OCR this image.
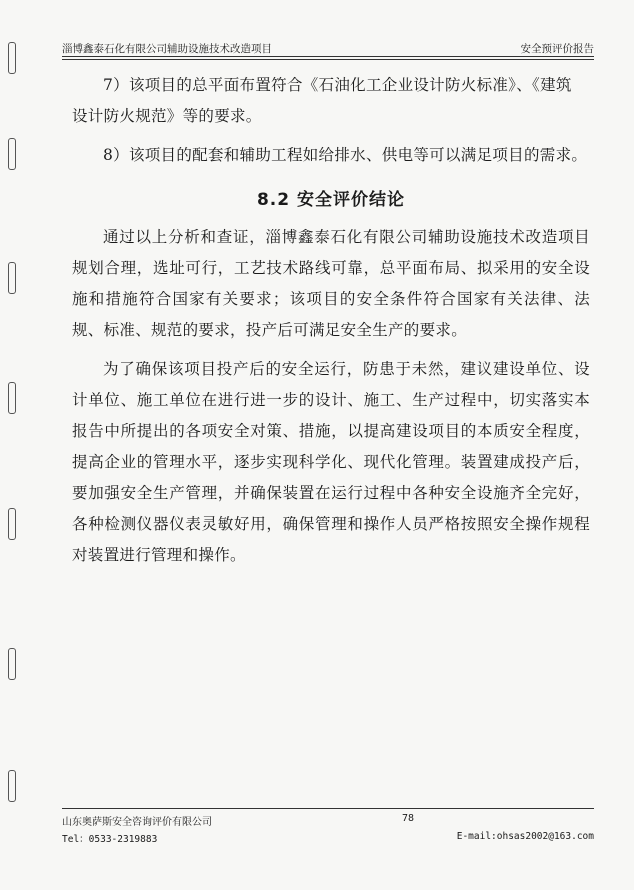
淄博鑫泰石化有限公司辅助设施技术改造项目	安全预评价报告

7）该项目的总平面布置符合《石油化工企业设计防火标准》、《建筑

设计防火规范》等的要求。

8）该项目的配套和辅助工程如给排水、供电等可以满足项目的需求。

8.2 安全评价结论

通过以上分析和查证，淄博鑫泰石化有限公司辅助设施技术改造项目规划合理，选址可行，工艺技术路线可靠，总平面布局、拟采用的安全设施和措施符合国家有关要求；该项目的安全条件符合国家有关法律、法规、标准、规范的要求，投产后可满足安全生产的要求。

为了确保该项目投产后的安全运行，防患于未然，建议建设单位、设计单位、施工单位在进行进一步的设计、施工、生产过程中，切实落实本报告中所提出的各项安全对策、措施，以提高建设项目的本质安全程度，提高企业的管理水平，逐步实现科学化、现代化管理。装置建成投产后，要加强安全生产管理，并确保装置在运行过程中各种安全设施齐全完好，各种检测仪器仪表灵敏好用，确保管理和操作人员严格按照安全操作规程对装置进行管理和操作。

山东奥萨斯安全咨询评价有限公司	78
Tel：0533-2319883	E-mail:ohsas2002@163.com
